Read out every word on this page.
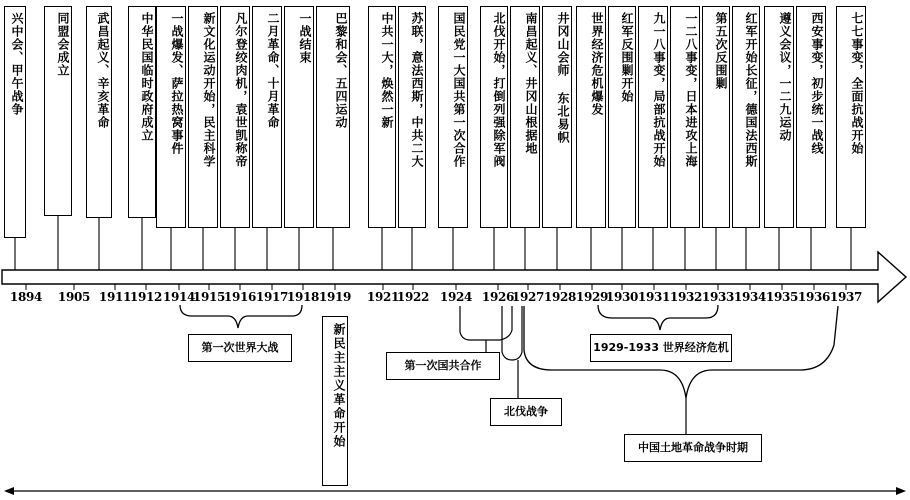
兴中会、甲午战争	同盟会成立	武昌起义、辛亥革命	中华民国临时政府成立	一战爆发、萨拉热窝事件	新文化运动开始，民主科学	凡尔登绞肉机，袁世凯称帝	二月革命、十月革命	一战结束	巴黎和会、五四运动	中共一大，焕然一新	苏联，意法西斯，中共二大	国民党一大国共第一次合作	北伐开始，打倒列强除军阀	南昌起义、井冈山根据地	井冈山会师 东北易帜	世界经济危机爆发	红军反围剿开始	九一八事变，局部抗战开始	一二八事变，日本进攻上海	第五次反围剿	红军开始长征，德国法西斯	遵义会议，一二九运动	西安事变，初步统一战线	七七事变，全面抗战开始
1894 1905 1911
1912 1914
1915
1916 1917
1918 1919 1921
1922 1924 1926
1927 1928 1929
1930 1931 1932 1933 1934 1935 1936 1937
第一次世界大战	新民主主义革命开始	第一次国共合作
1929-1933 世界经济危机
北伐战争
中国土地革命战争时期
